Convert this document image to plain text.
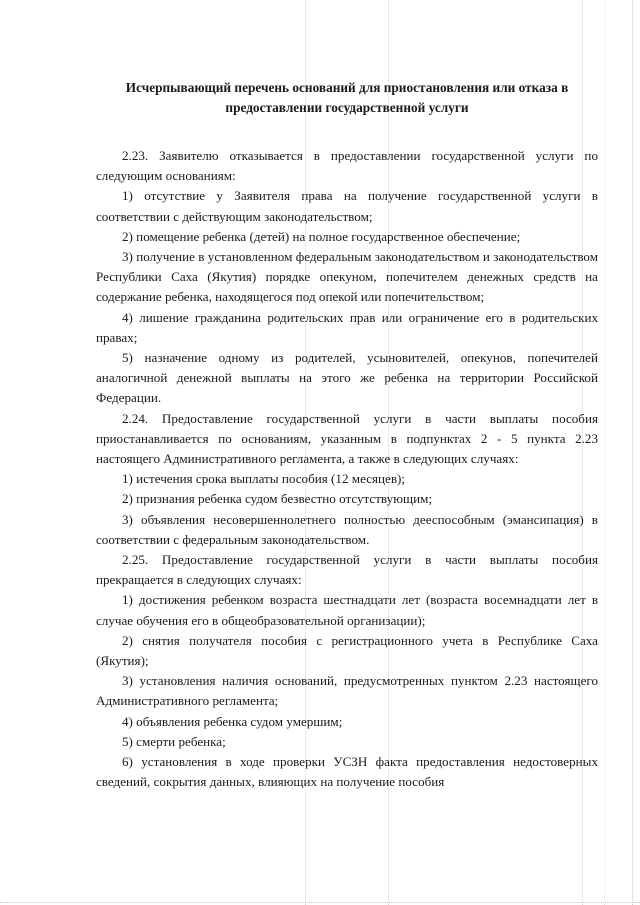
Исчерпывающий перечень оснований для приостановления или отказа в
предоставлении государственной услуги

2.23. Заявителю отказывается в предоставлении государственной услуги по следующим основаниям:

1) отсутствие у Заявителя права на получение государственной услуги в соответствии с действующим законодательством;

2) помещение ребенка (детей) на полное государственное обеспечение;

3) получение в установленном федеральным законодательством и законодательством Республики Саха (Якутия) порядке опекуном, попечителем денежных средств на содержание ребенка, находящегося под опекой или попечительством;

4) лишение гражданина родительских прав или ограничение его в родительских правах;

5) назначение одному из родителей, усыновителей, опекунов, попечителей аналогичной денежной выплаты на этого же ребенка на территории Российской Федерации.

2.24. Предоставление государственной услуги в части выплаты пособия приостанавливается по основаниям, указанным в подпунктах 2 - 5 пункта 2.23 настоящего Административного регламента, а также в следующих случаях:

1) истечения срока выплаты пособия (12 месяцев);

2) признания ребенка судом безвестно отсутствующим;

3) объявления несовершеннолетнего полностью дееспособным (эмансипация) в соответствии с федеральным законодательством.

2.25. Предоставление государственной услуги в части выплаты пособия прекращается в следующих случаях:

1) достижения ребенком возраста шестнадцати лет (возраста восемнадцати лет в случае обучения его в общеобразовательной организации);

2) снятия получателя пособия с регистрационного учета в Республике Саха (Якутия);

3) установления наличия оснований, предусмотренных пунктом 2.23 настоящего Административного регламента;

4) объявления ребенка судом умершим;

5) смерти ребенка;

6) установления в ходе проверки УСЗН факта предоставления недостоверных сведений, сокрытия данных, влияющих на получение пособия
